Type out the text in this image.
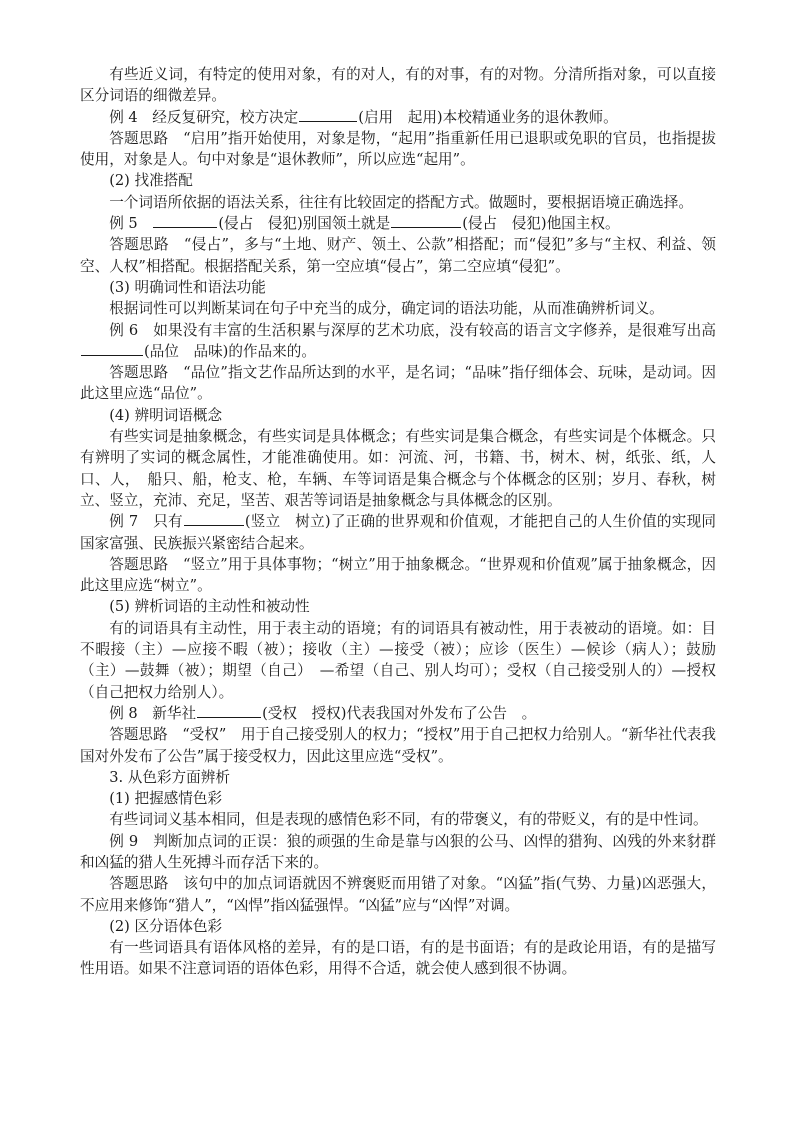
有些近义词，有特定的使用对象，有的对人，有的对事，有的对物。分清所指对象，可以直接区分词语的细微差异。

例 4　经反复研究，校方决定	(启用　起用)本校精通业务的退休教师。

答题思路　“启用”指开始使用，对象是物，“起用”指重新任用已退职或免职的官员，也指提拔使用，对象是人。句中对象是“退休教师”，所以应选“起用”。

(2) 找准搭配

一个词语所依据的语法关系，往往有比较固定的搭配方式。做题时，要根据语境正确选择。

例 5　	(侵占　侵犯)别国领土就是	(侵占　侵犯)他国主权。

答题思路　“侵占”，多与“土地、财产、领土、公款”相搭配；而“侵犯”多与“主权、利益、领空、人权”相搭配。根据搭配关系，第一空应填“侵占”，第二空应填“侵犯”。

(3) 明确词性和语法功能

根据词性可以判断某词在句子中充当的成分，确定词的语法功能，从而准确辨析词义。

例 6　如果没有丰富的生活积累与深厚的艺术功底，没有较高的语言文字修养，是很难写出高(品位　品味)的作品来的。

答题思路　“品位”指文艺作品所达到的水平，是名词；“品味”指仔细体会、玩味，是动词。因此这里应选“品位”。

(4) 辨明词语概念

有些实词是抽象概念，有些实词是具体概念；有些实词是集合概念，有些实词是个体概念。只有辨明了实词的概念属性，才能准确使用。如：河流、河，书籍、书，树木、树，纸张、纸，人口、人，　船只、船，枪支、枪，车辆、车等词语是集合概念与个体概念的区别；岁月、春秋，树立、竖立，充沛、充足，坚苦、艰苦等词语是抽象概念与具体概念的区别。

例 7　只有	(竖立　树立)了正确的世界观和价值观，才能把自己的人生价值的实现同国家富强、民族振兴紧密结合起来。

答题思路　“竖立”用于具体事物；“树立”用于抽象概念。“世界观和价值观”属于抽象概念，因此这里应选“树立”。

(5) 辨析词语的主动性和被动性

有的词语具有主动性，用于表主动的语境；有的词语具有被动性，用于表被动的语境。如：目不暇接（主）—应接不暇（被）；接收（主）—接受（被）；应诊（医生）—候诊（病人）；鼓励（主）—鼓舞（被）；期望（自己）　—希望（自己、别人均可）；受权（自己接受别人的）—授权（自己把权力给别人）。

例 8　新华社	(受权　授权)代表我国对外发布了公告　。

答题思路　“受权”　用于自己接受别人的权力；“授权”用于自己把权力给别人。“新华社代表我国对外发布了公告”属于接受权力，因此这里应选“受权”。

3. 从色彩方面辨析

(1) 把握感情色彩

有些词词义基本相同，但是表现的感情色彩不同，有的带褒义，有的带贬义，有的是中性词。

例 9　判断加点词的正误：狼的顽强的生命是靠与凶狠的公马、凶悍的猎狗、凶残的外来豺群和凶猛的猎人生死搏斗而存活下来的。

答题思路　该句中的加点词语就因不辨褒贬而用错了对象。“凶猛”指(气势、力量)凶恶强大，不应用来修饰“猎人”，“凶悍”指凶猛强悍。“凶猛”应与“凶悍”对调。

(2) 区分语体色彩

有一些词语具有语体风格的差异，有的是口语，有的是书面语；有的是政论用语，有的是描写性用语。如果不注意词语的语体色彩，用得不合适，就会使人感到很不协调。
